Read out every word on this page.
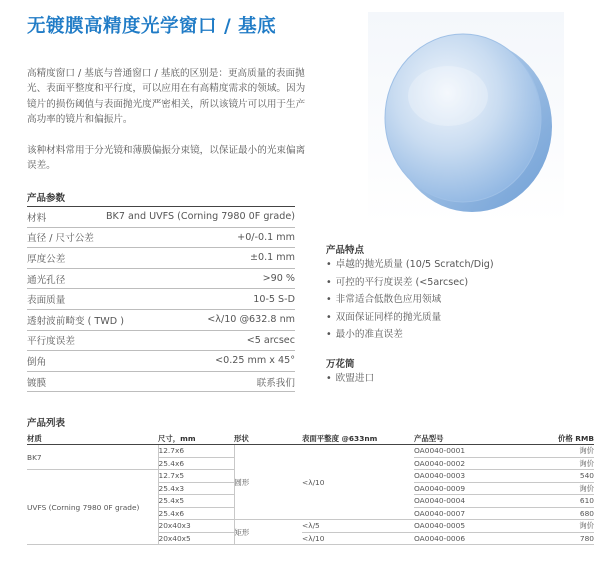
无镀膜高精度光学窗口 / 基底

高精度窗口 / 基底与普通窗口 / 基底的区别是：更高质量的表面抛光、表面平整度和平行度，可以应用在有高精度需求的领域。因为镜片的损伤阈值与表面抛光度严密相关，所以该镜片可以用于生产高功率的镜片和偏振片。

该种材料常用于分光镜和薄膜偏振分束镜，以保证最小的光束偏离误差。

产品参数
材料	BK7 and UVFS (Corning 7980 0F grade)
直径 / 尺寸公差	+0/-0.1 mm
厚度公差	±0.1 mm
通光孔径	>90 %
表面质量	10-5 S-D
透射波前畸变 ( TWD )	<λ/10 @632.8 nm
平行度误差	<5 arcsec
倒角	<0.25 mm x 45°
镀膜	联系我们
产品特点
• 卓越的抛光质量 (10/5 Scratch/Dig)
• 可控的平行度误差 (<5arcsec)
• 非常适合低散色应用领域
• 双面保证同样的抛光质量
• 最小的准直误差
万花筒
• 欧盟进口
产品列表
材质	尺寸，mm	形状	表面平整度 @633nm	产品型号	价格 RMB
BK7	12.7x6	圆形	<λ/10	OA0040-0001	询价
	25.4x6			OA0040-0002	询价
UVFS (Corning 7980 0F grade)	12.7x5			OA0040-0003	540
	25.4x3			OA0040-0009	询价
	25.4x5			OA0040-0004	610
	25.4x6			OA0040-0007	680
	20x40x3	矩形	<λ/5	OA0040-0005	询价
	20x40x5		<λ/10	OA0040-0006	780
